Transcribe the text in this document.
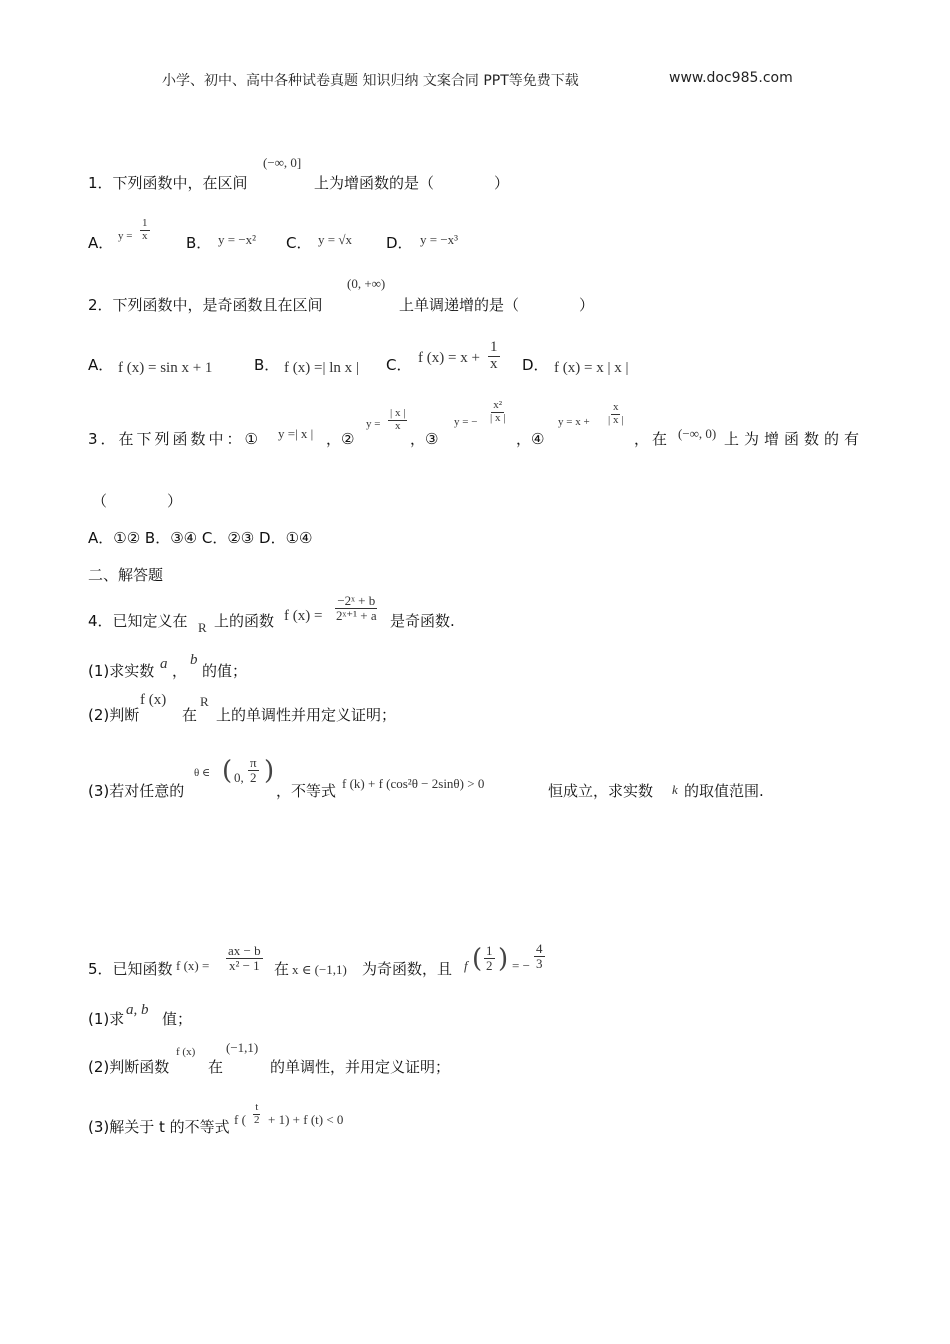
小学、初中、高中各种试卷真题 知识归纳 文案合同 PPT等免费下载	www.doc985.com
1．下列函数中，在区间
(−∞, 0]
上为增函数的是（　　　　）
A． $y = \frac{1}{x}$
B． y = −x² C． y = √x D． y = −x³
2．下列函数中，是奇函数且在区间
(0, +∞)
上单调递增的是（　　　　）
A． f (x) = sin x + 1	B． f (x) =| ln x | C． f $(x) = x + \frac{1}{x}$ D． f (x) = x | x |
3．在下列函数中：① y =| x | ，②
$y = \frac{| x |}{x}$
，③
y = − $\frac{\text{x²}}{| x |}$
，④
$y = x + \frac{x}{| x |}$
，在 (−∞, 0) 上为增函数的有
（　　　　）
A．①② B．③④ C．②③ D．①④
二、解答题
4．已知定义在 R 上的函数 f $(x) = \frac{\text{−2ˣ + b}}{\text{2ˣ⁺¹ + a}}$ 是奇函数.
(1)求实数 a ，
b
的值；
(2)判断
f (x)
在
R
上的单调性并用定义证明；
(3)若对任意的
θ ∈ ( 0, $\frac{\pi}{2}$ )
，不等式 f (k) + f (cos²θ − 2sinθ) > 0	恒成立，求实数 k 的取值范围.
5．已知函数 f $(x) = \frac{ax - b}{\text{x² − 1}}$ 在 x ∈ (−1,1) 为奇函数，且 f ( $\frac{1}{2}$ ) = − $\frac{4}{3}$
(1)求 a, b 值；
(2)判断函数
f (x)
在
(−1,1)
的单调性，并用定义证明；
(3)解关于 t 的不等式 f ( $\frac{t}{2} + 1) + f$ (t) < 0
